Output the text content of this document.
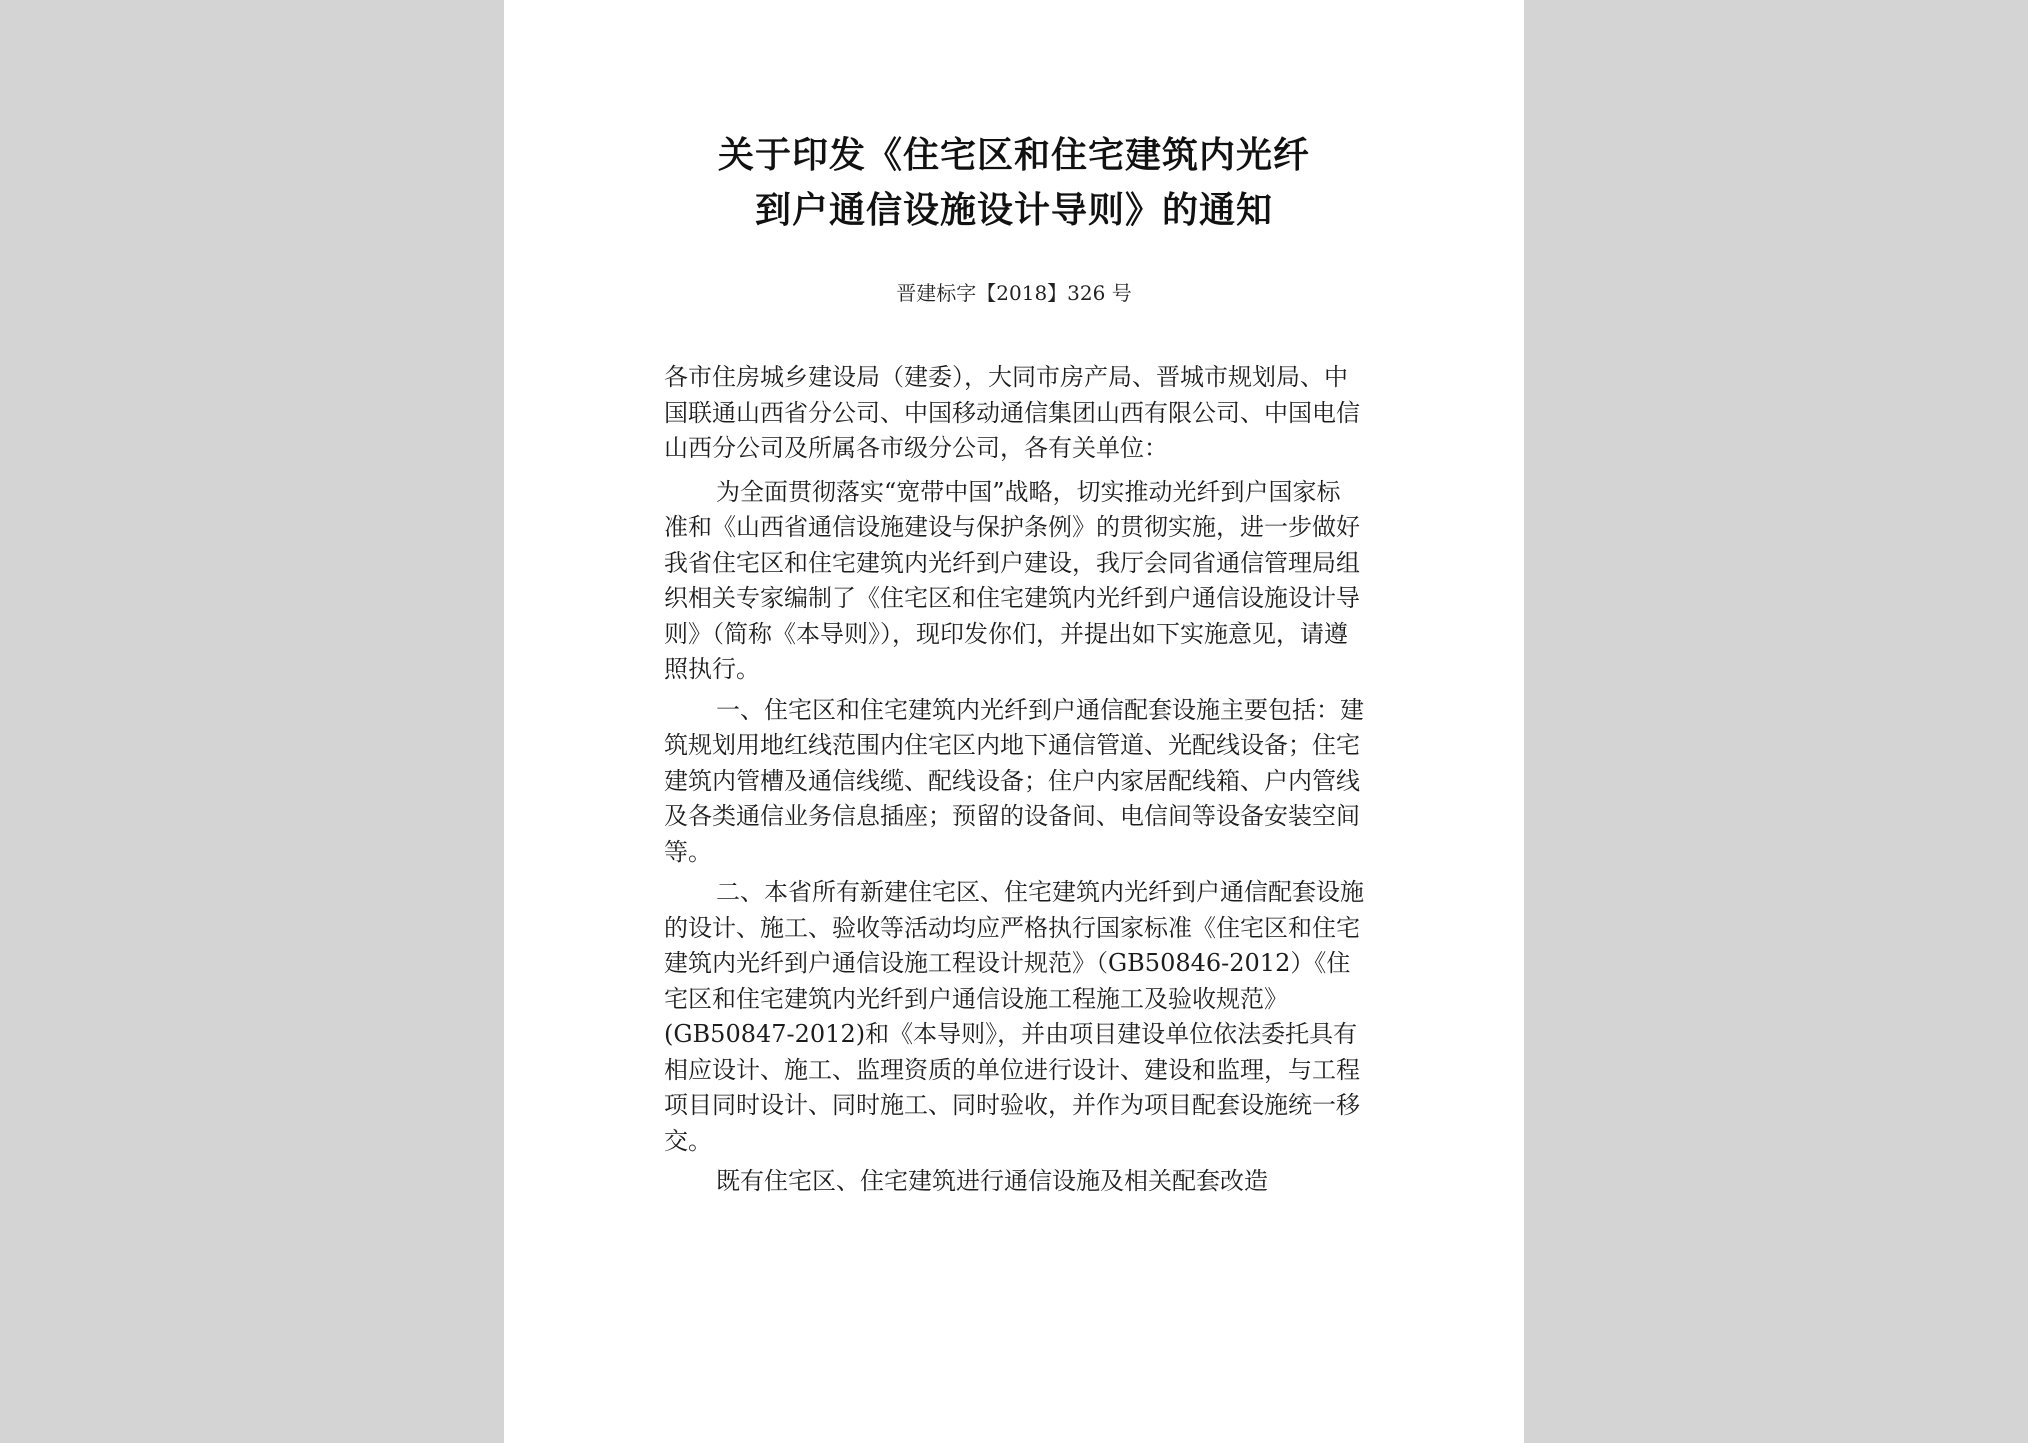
关于印发《住宅区和住宅建筑内光纤
到户通信设施设计导则》的通知
晋建标字【2018】326 号

各市住房城乡建设局（建委），大同市房产局、晋城市规划局、中国联通山西省分公司、中国移动通信集团山西有限公司、中国电信山西分公司及所属各市级分公司，各有关单位：

为全面贯彻落实“宽带中国”战略，切实推动光纤到户国家标准和《山西省通信设施建设与保护条例》的贯彻实施，进一步做好我省住宅区和住宅建筑内光纤到户建设，我厅会同省通信管理局组织相关专家编制了《住宅区和住宅建筑内光纤到户通信设施设计导则》（简称《本导则》），现印发你们，并提出如下实施意见，请遵照执行。

一、住宅区和住宅建筑内光纤到户通信配套设施主要包括：建筑规划用地红线范围内住宅区内地下通信管道、光配线设备；住宅建筑内管槽及通信线缆、配线设备；住户内家居配线箱、户内管线及各类通信业务信息插座；预留的设备间、电信间等设备安装空间等。

二、本省所有新建住宅区、住宅建筑内光纤到户通信配套设施的设计、施工、验收等活动均应严格执行国家标准《住宅区和住宅建筑内光纤到户通信设施工程设计规范》（GB50846-2012）《住宅区和住宅建筑内光纤到户通信设施工程施工及验收规范》(GB50847-2012)和《本导则》，并由项目建设单位依法委托具有相应设计、施工、监理资质的单位进行设计、建设和监理，与工程项目同时设计、同时施工、同时验收，并作为项目配套设施统一移交。

既有住宅区、住宅建筑进行通信设施及相关配套改造
